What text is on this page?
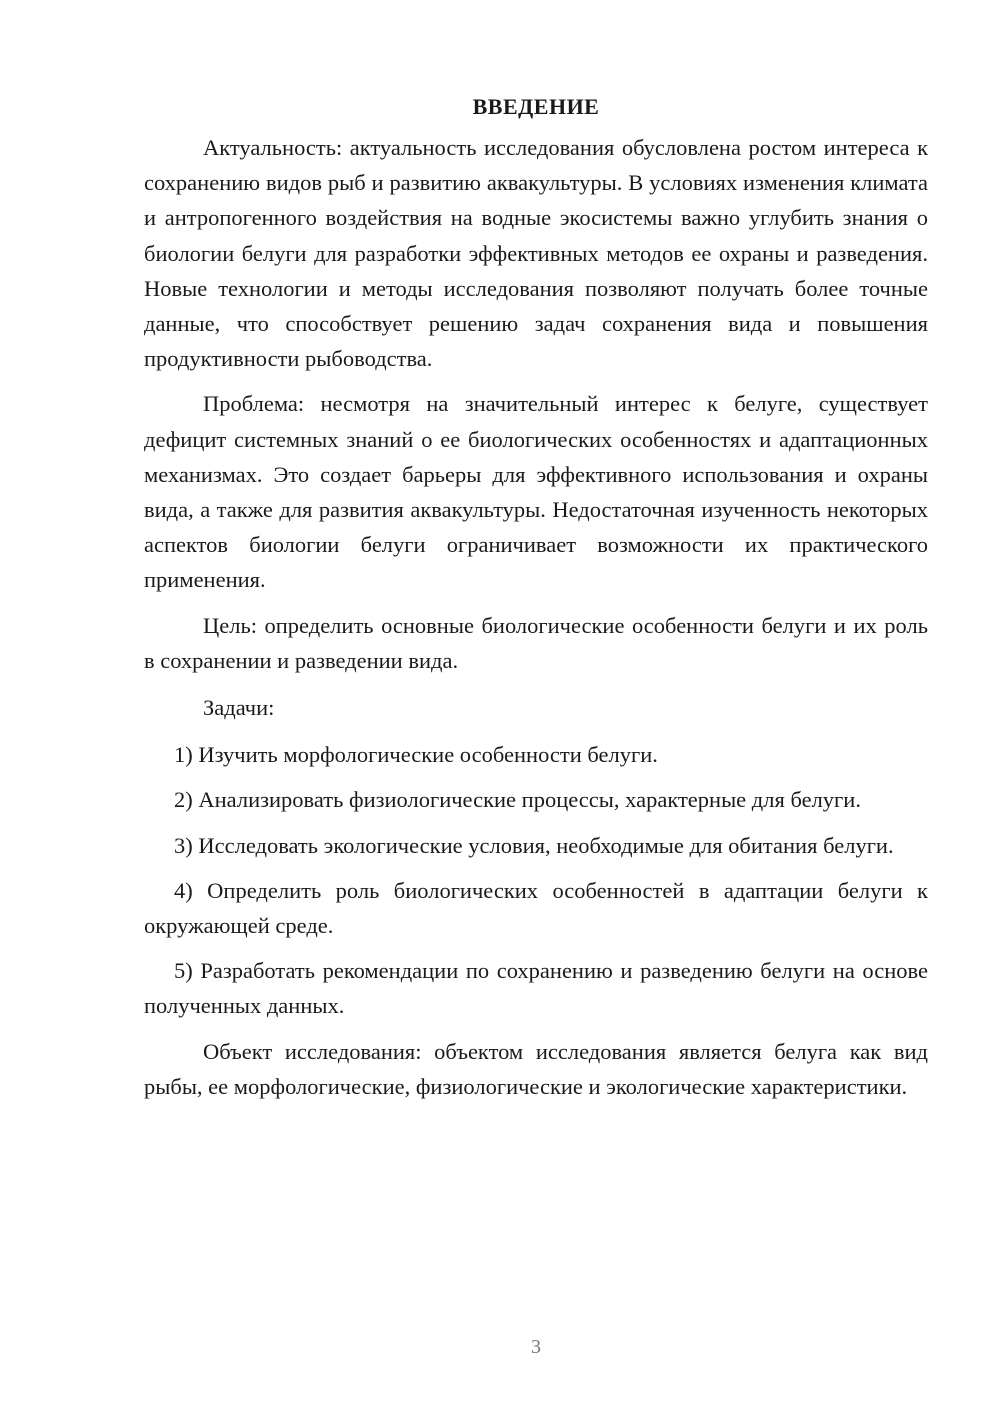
ВВЕДЕНИЕ

Актуальность: актуальность исследования обусловлена ростом интереса к сохранению видов рыб и развитию аквакультуры. В условиях изменения климата и антропогенного воздействия на водные экосистемы важно углубить знания о биологии белуги для разработки эффективных методов ее охраны и разведения. Новые технологии и методы исследования позволяют получать более точные данные, что способствует решению задач сохранения вида и повышения продуктивности рыбоводства.

Проблема: несмотря на значительный интерес к белуге, существует дефицит системных знаний о ее биологических особенностях и адаптационных механизмах. Это создает барьеры для эффективного использования и охраны вида, а также для развития аквакультуры. Недостаточная изученность некоторых аспектов биологии белуги ограничивает возможности их практического применения.

Цель: определить основные биологические особенности белуги и их роль в сохранении и разведении вида.

Задачи:

1) Изучить морфологические особенности белуги.

2) Анализировать физиологические процессы, характерные для белуги.

3) Исследовать экологические условия, необходимые для обитания белуги.

4) Определить роль биологических особенностей в адаптации белуги к окружающей среде.

5) Разработать рекомендации по сохранению и разведению белуги на основе полученных данных.

Объект исследования: объектом исследования является белуга как вид рыбы, ее морфологические, физиологические и экологические характеристики.

3
